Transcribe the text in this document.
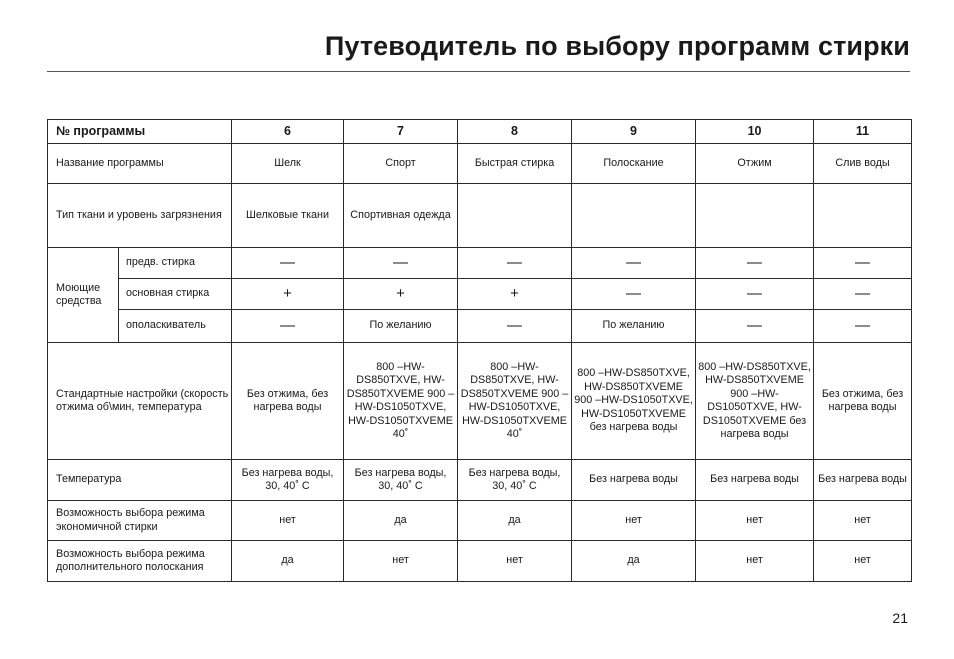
Путеводитель по выбору программ стирки
№ программы		6	7	8	9	10	11
Название программы		Шелк	Спорт	Быстрая стирка	Полоскание	Отжим	Слив воды
Тип ткани и уровень загрязнения		Шелковые ткани	Спортивная одежда				
Моющие средства	предв. стирка	—	—	—	—	—	—
	основная стирка	+	+	+	—	—	—
	ополаскиватель	—	По желанию	—	По желанию	—	—
Стандартные настройки (скорость отжима об\мин, температура		Без отжима, без нагрева воды	800 –HW-DS850TXVE, HW-DS850TXVEME 900 –HW-DS1050TXVE, HW-DS1050TXVEME 40˚	800 –HW-DS850TXVE, HW-DS850TXVEME 900 –HW-DS1050TXVE, HW-DS1050TXVEME 40˚	800 –HW-DS850TXVE, HW-DS850TXVEME 900 –HW-DS1050TXVE, HW-DS1050TXVEME без нагрева воды	800 –HW-DS850TXVE, HW-DS850TXVEME 900 –HW-DS1050TXVE, HW-DS1050TXVEME без нагрева воды	Без отжима, без нагрева воды
Температура		Без нагрева воды, 30, 40˚ С	Без нагрева воды, 30, 40˚ С	Без нагрева воды, 30, 40˚ С	Без нагрева воды	Без нагрева воды	Без нагрева воды
Возможность выбора режима экономичной стирки		нет	да	да	нет	нет	нет
Возможность выбора режима дополнительного полоскания		да	нет	нет	да	нет	нет
21
